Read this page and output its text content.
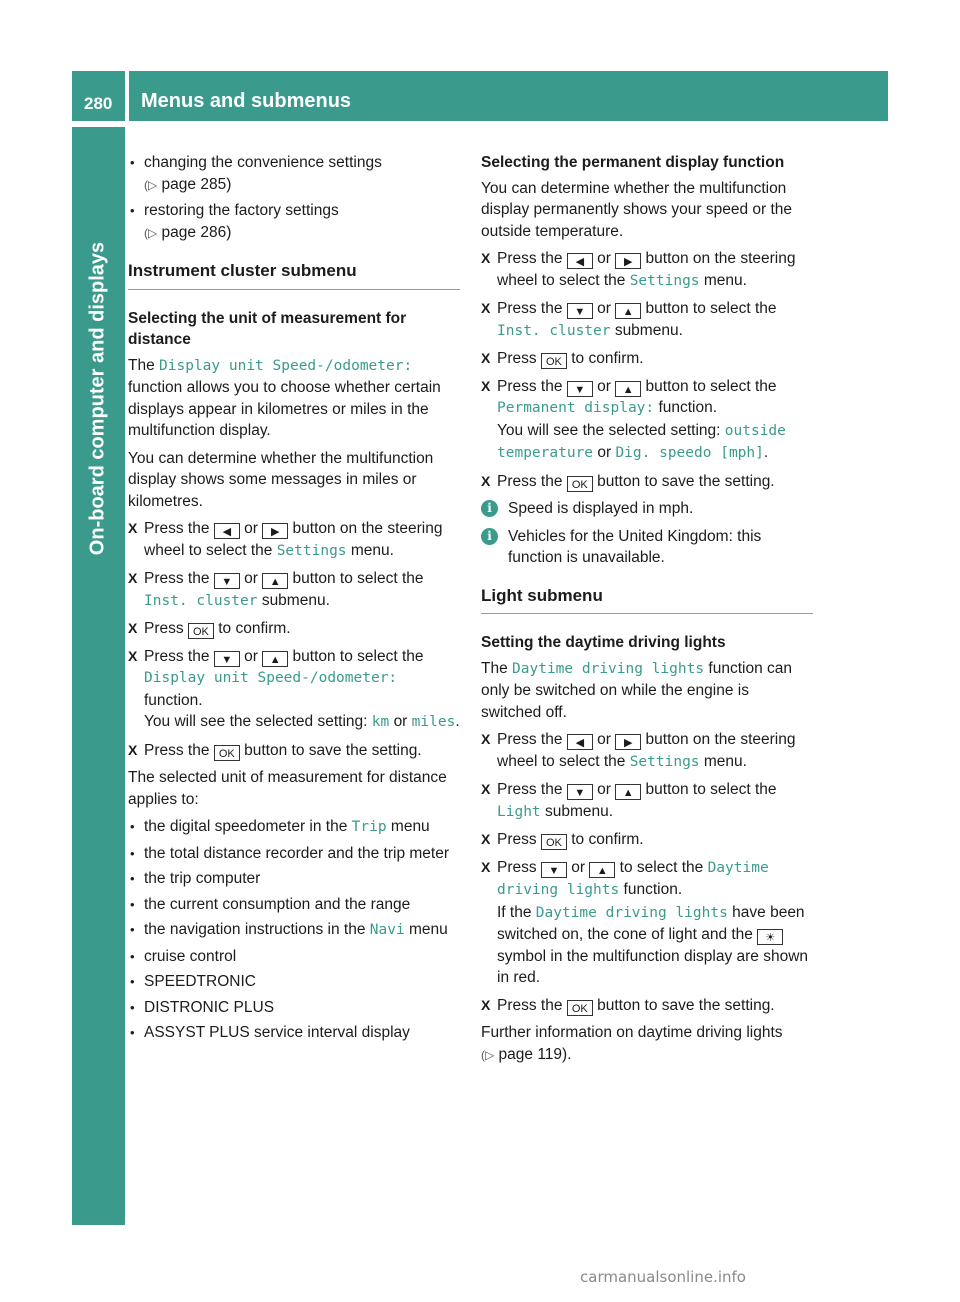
280 Menus and submenus
On-board computer and displays
• changing the convenience settings
(▷ page 285)
• restoring the factory settings
(▷ page 286)
Instrument cluster submenu
Selecting the unit of measurement for distance

The Display unit Speed-/odometer: function allows you to choose whether certain displays appear in kilometres or miles in the multifunction display.

You can determine whether the multifunction display shows some messages in miles or kilometres.

X Press the ◀ or ▶ button on the steering wheel to select the Settings menu.
X Press the ▼ or ▲ button to select the Inst. cluster submenu.
X Press OK to confirm.
X Press the ▼ or ▲ button to select the Display unit Speed-/odometer: function.
You will see the selected setting: km or miles.
X Press the OK button to save the setting.

The selected unit of measurement for distance applies to:

• the digital speedometer in the Trip menu
• the total distance recorder and the trip meter
• the trip computer
• the current consumption and the range
• the navigation instructions in the Navi menu
• cruise control
• SPEEDTRONIC
• DISTRONIC PLUS
• ASSYST PLUS service interval display
Selecting the permanent display function

You can determine whether the multifunction display permanently shows your speed or the outside temperature.

X Press the ◀ or ▶ button on the steering wheel to select the Settings menu.
X Press the ▼ or ▲ button to select the Inst. cluster submenu.
X Press OK to confirm.
X Press the ▼ or ▲ button to select the Permanent display: function.
You will see the selected setting: outside temperature or Dig. speedo [mph].
X Press the OK button to save the setting.
i	Speed is displayed in mph.
i	Vehicles for the United Kingdom: this function is unavailable.
Light submenu
Setting the daytime driving lights

The Daytime driving lights function can only be switched on while the engine is switched off.

X Press the ◀ or ▶ button on the steering wheel to select the Settings menu.
X Press the ▼ or ▲ button to select the Light submenu.
X Press OK to confirm.
X Press ▼ or ▲ to select the Daytime driving lights function.
If the Daytime driving lights have been switched on, the cone of light and the ☀ symbol in the multifunction display are shown in red.
X Press the OK button to save the setting.

Further information on daytime driving lights
(▷ page 119).

carmanualsonline.info
